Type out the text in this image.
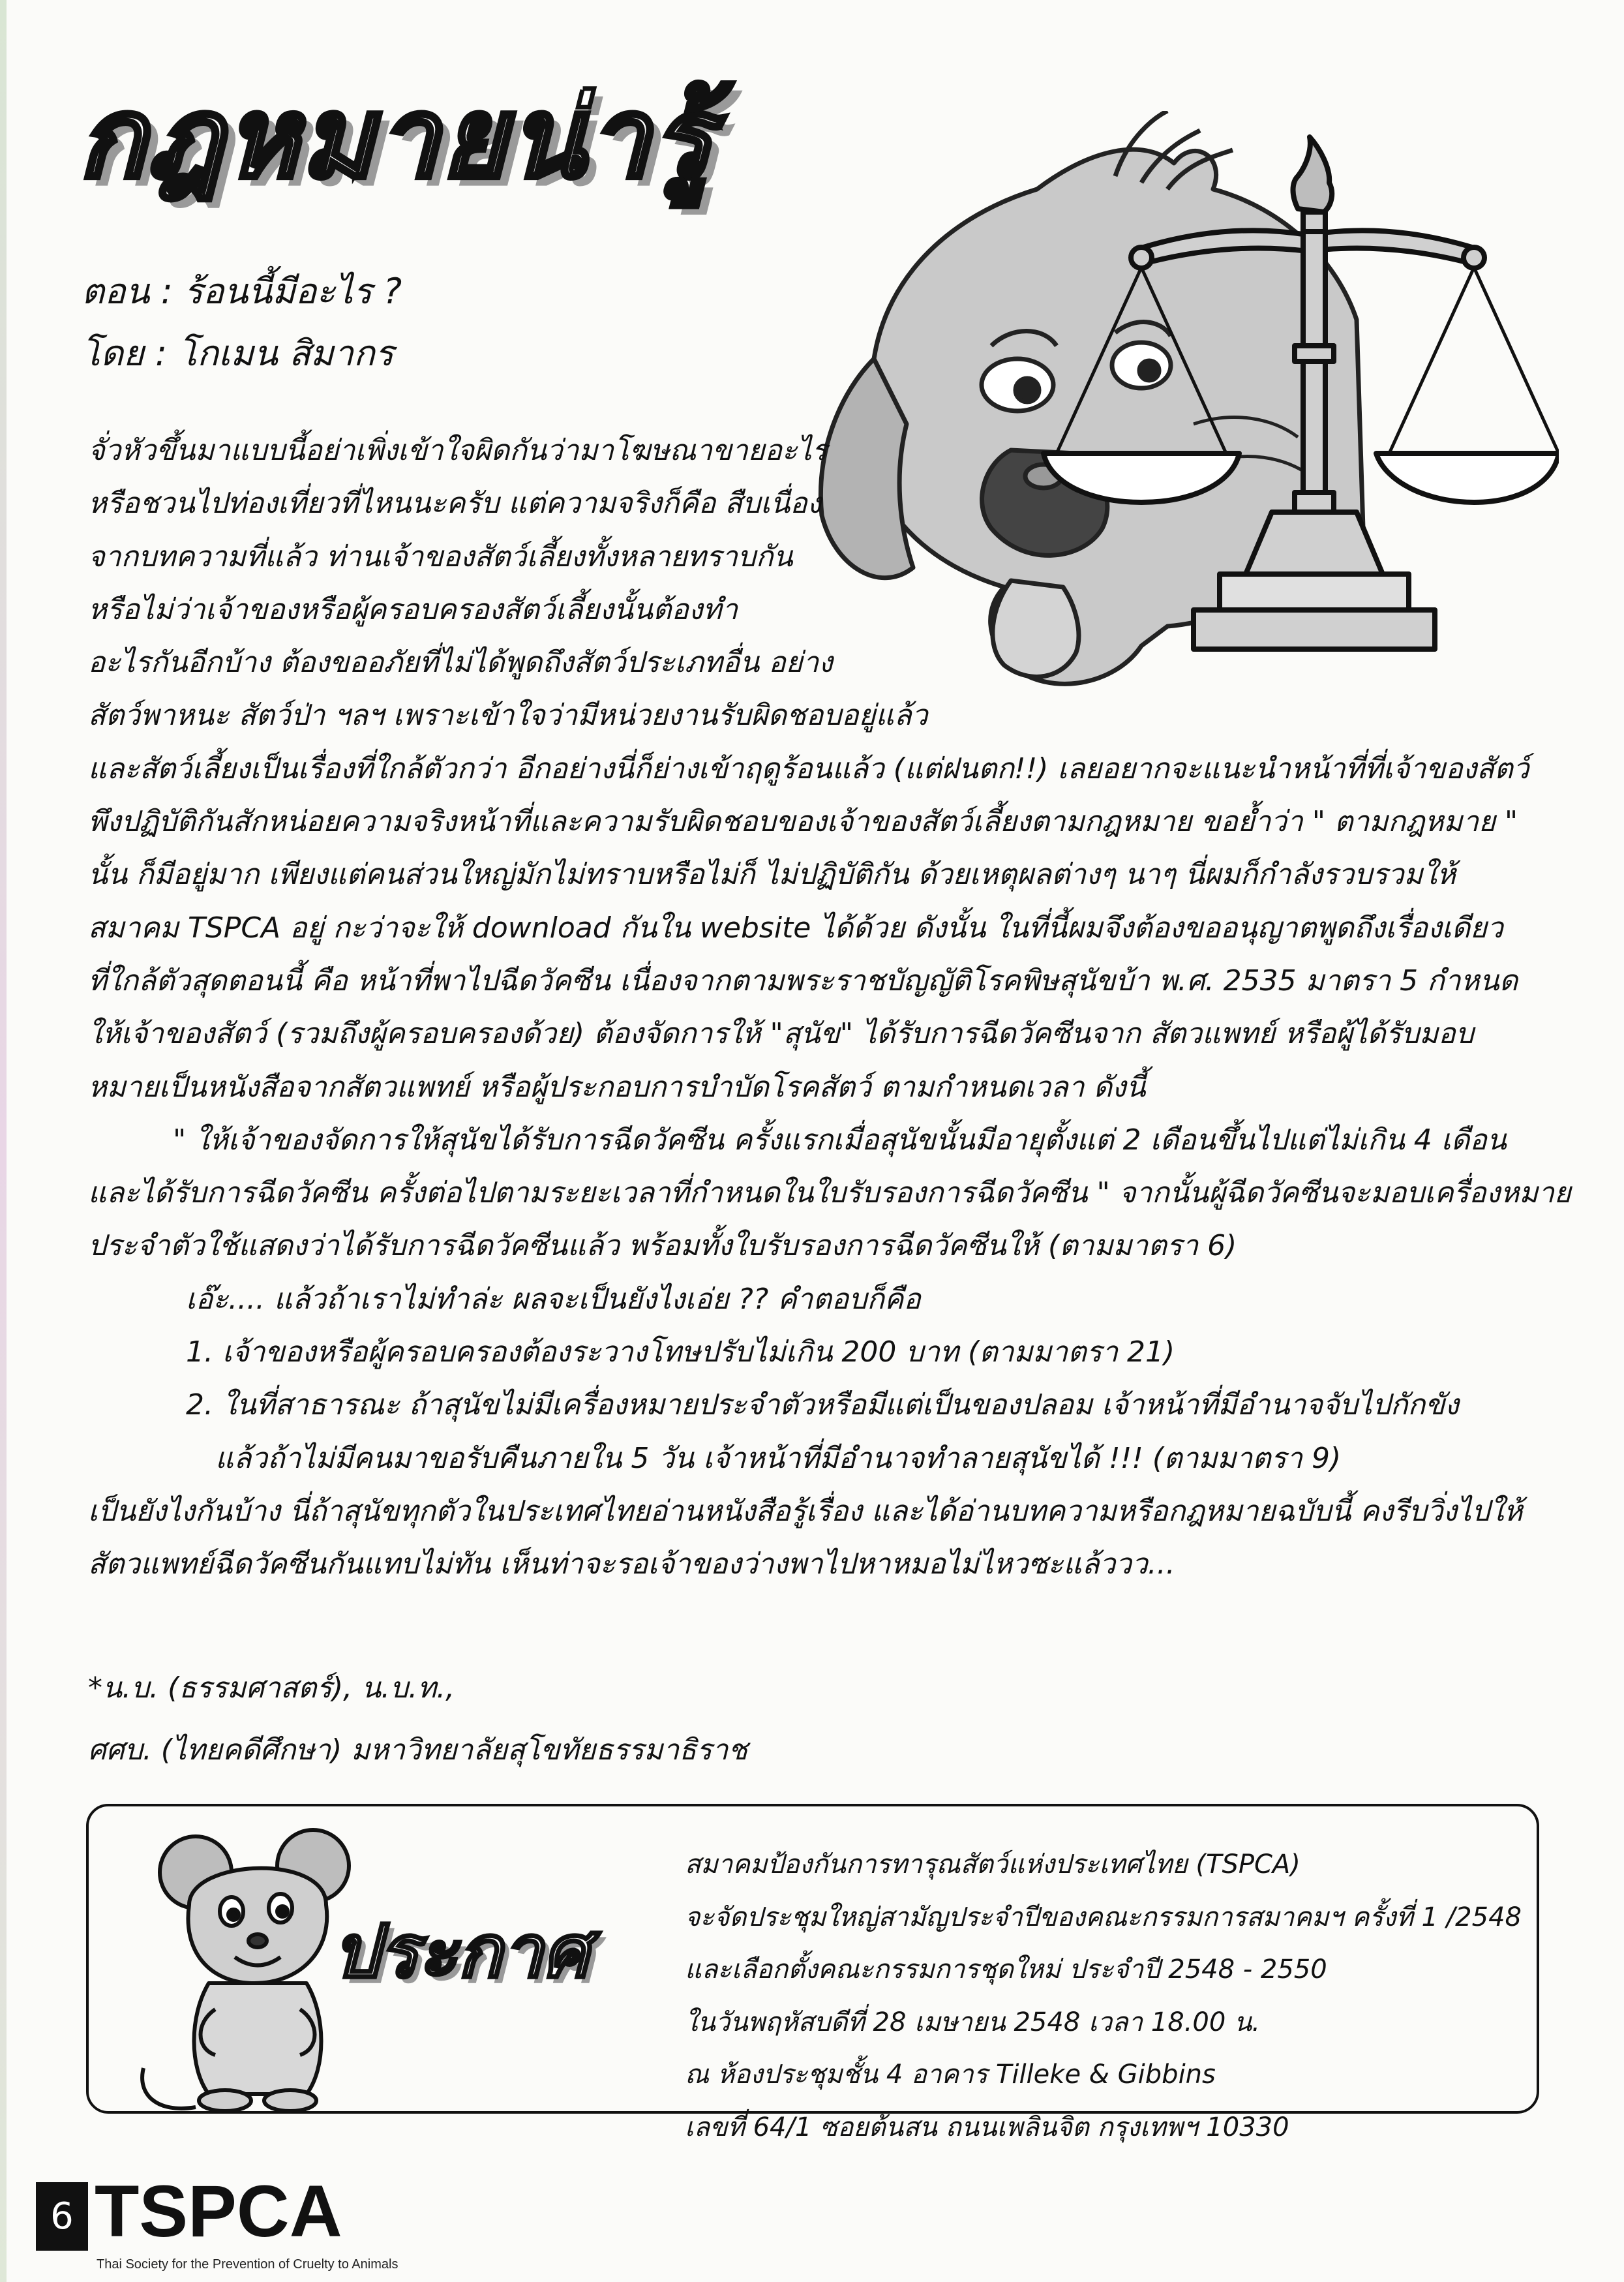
กฎหมายน่ารู้
ตอน : ร้อนนี้มีอะไร ?
โดย : โกเมน สิมากร

จั่วหัวขึ้นมาแบบนี้อย่าเพิ่งเข้าใจผิดกันว่ามาโฆษณาขายอะไร

หรือชวนไปท่องเที่ยวที่ไหนนะครับ แต่ความจริงก็คือ สืบเนื่อง

จากบทความที่แล้ว ท่านเจ้าของสัตว์เลี้ยงทั้งหลายทราบกัน

หรือไม่ว่าเจ้าของหรือผู้ครอบครองสัตว์เลี้ยงนั้นต้องทำ

อะไรกันอีกบ้าง ต้องขออภัยที่ไม่ได้พูดถึงสัตว์ประเภทอื่น อย่าง

สัตว์พาหนะ สัตว์ป่า ฯลฯ เพราะเข้าใจว่ามีหน่วยงานรับผิดชอบอยู่แล้ว

และสัตว์เลี้ยงเป็นเรื่องที่ใกล้ตัวกว่า อีกอย่างนี่ก็ย่างเข้าฤดูร้อนแล้ว (แต่ฝนตก!!) เลยอยากจะแนะนำหน้าที่ที่เจ้าของสัตว์

พึงปฏิบัติกันสักหน่อยความจริงหน้าที่และความรับผิดชอบของเจ้าของสัตว์เลี้ยงตามกฎหมาย ขอย้ำว่า " ตามกฎหมาย "

นั้น ก็มีอยู่มาก เพียงแต่คนส่วนใหญ่มักไม่ทราบหรือไม่ก็ ไม่ปฏิบัติกัน ด้วยเหตุผลต่างๆ นาๆ นี่ผมก็กำลังรวบรวมให้

สมาคม TSPCA อยู่ กะว่าจะให้ download กันใน website ได้ด้วย ดังนั้น ในที่นี้ผมจึงต้องขออนุญาตพูดถึงเรื่องเดียว

ที่ใกล้ตัวสุดตอนนี้ คือ หน้าที่พาไปฉีดวัคซีน เนื่องจากตามพระราชบัญญัติโรคพิษสุนัขบ้า พ.ศ. 2535 มาตรา 5 กำหนด

ให้เจ้าของสัตว์ (รวมถึงผู้ครอบครองด้วย) ต้องจัดการให้ "สุนัข" ได้รับการฉีดวัคซีนจาก สัตวแพทย์ หรือผู้ได้รับมอบ

หมายเป็นหนังสือจากสัตวแพทย์ หรือผู้ประกอบการบำบัดโรคสัตว์ ตามกำหนดเวลา ดังนี้

" ให้เจ้าของจัดการให้สุนัขได้รับการฉีดวัคซีน ครั้งแรกเมื่อสุนัขนั้นมีอายุตั้งแต่ 2 เดือนขึ้นไปแต่ไม่เกิน 4 เดือน

และได้รับการฉีดวัคซีน ครั้งต่อไปตามระยะเวลาที่กำหนดในใบรับรองการฉีดวัคซีน " จากนั้นผู้ฉีดวัคซีนจะมอบเครื่องหมาย

ประจำตัวใช้แสดงว่าได้รับการฉีดวัคซีนแล้ว พร้อมทั้งใบรับรองการฉีดวัคซีนให้ (ตามมาตรา 6)

เอ๊ะ.... แล้วถ้าเราไม่ทำล่ะ ผลจะเป็นยังไงเอ่ย ?? คำตอบก็คือ

1. เจ้าของหรือผู้ครอบครองต้องระวางโทษปรับไม่เกิน 200 บาท (ตามมาตรา 21)

2. ในที่สาธารณะ ถ้าสุนัขไม่มีเครื่องหมายประจำตัวหรือมีแต่เป็นของปลอม เจ้าหน้าที่มีอำนาจจับไปกักขัง

แล้วถ้าไม่มีคนมาขอรับคืนภายใน 5 วัน เจ้าหน้าที่มีอำนาจทำลายสุนัขได้ !!! (ตามมาตรา 9)

เป็นยังไงกันบ้าง นี่ถ้าสุนัขทุกตัวในประเทศไทยอ่านหนังสือรู้เรื่อง และได้อ่านบทความหรือกฎหมายฉบับนี้ คงรีบวิ่งไปให้

สัตวแพทย์ฉีดวัคซีนกันแทบไม่ทัน เห็นท่าจะรอเจ้าของว่างพาไปหาหมอไม่ไหวซะแล้ววว...

*น.บ. (ธรรมศาสตร์), น.บ.ท.,

ศศบ. (ไทยคดีศึกษา) มหาวิทยาลัยสุโขทัยธรรมาธิราช

ประกาศ

สมาคมป้องกันการทารุณสัตว์แห่งประเทศไทย (TSPCA)

จะจัดประชุมใหญ่สามัญประจำปีของคณะกรรมการสมาคมฯ ครั้งที่ 1 /2548

และเลือกตั้งคณะกรรมการชุดใหม่ ประจำปี 2548 - 2550

ในวันพฤหัสบดีที่ 28 เมษายน 2548 เวลา 18.00 น.

ณ ห้องประชุมชั้น 4 อาคาร Tilleke & Gibbins

เลขที่ 64/1 ซอยต้นสน ถนนเพลินจิต กรุงเทพฯ 10330

6 TSPCA
Thai Society for the Prevention of Cruelty to Animals
